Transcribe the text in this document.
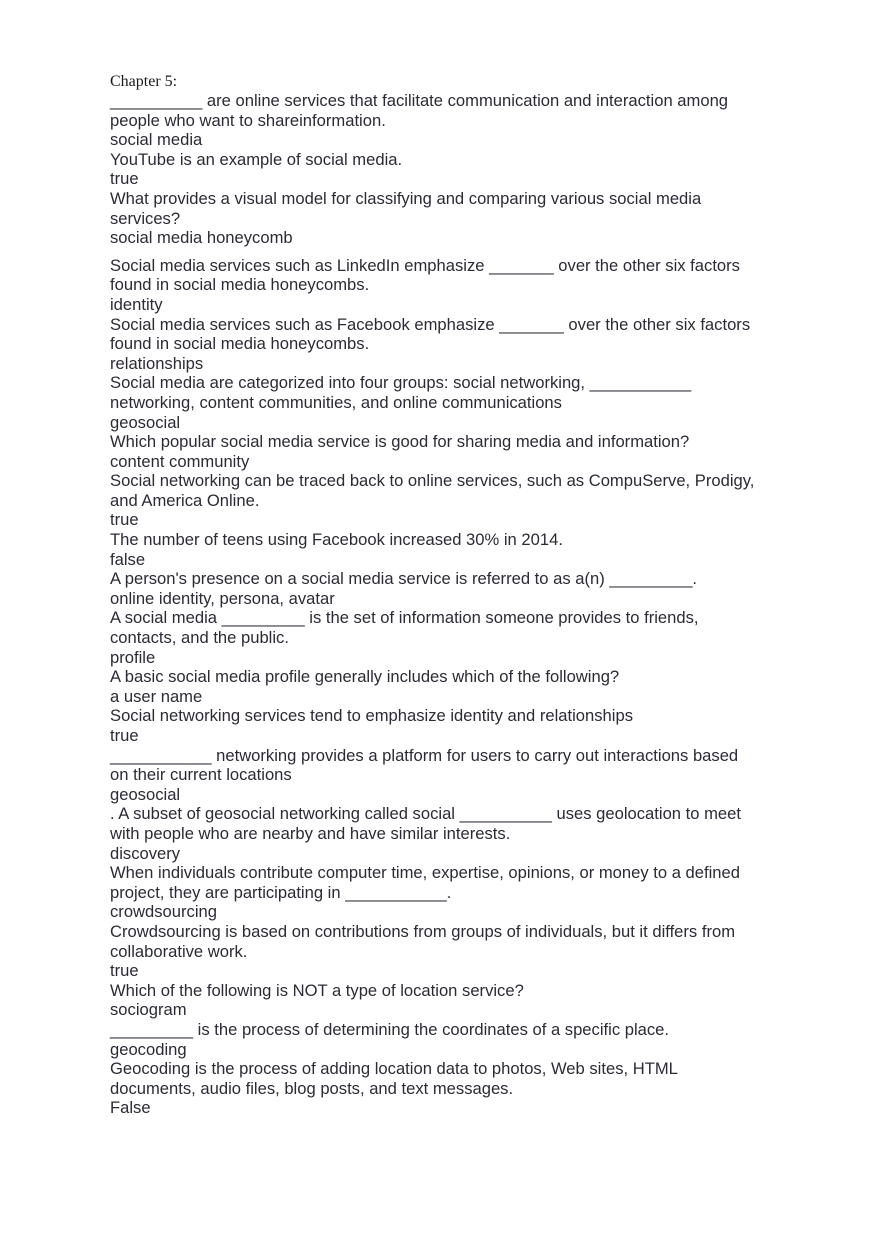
Chapter 5:

__________ are online services that facilitate communication and interaction among

people who want to shareinformation.

social media

YouTube is an example of social media.

true

What provides a visual model for classifying and comparing various social media

services?

social media honeycomb

Social media services such as LinkedIn emphasize _______ over the other six factors

found in social media honeycombs.

identity

Social media services such as Facebook emphasize _______ over the other six factors

found in social media honeycombs.

relationships

Social media are categorized into four groups: social networking, ___________

networking, content communities, and online communications

geosocial

Which popular social media service is good for sharing media and information?

content community

Social networking can be traced back to online services, such as CompuServe, Prodigy,

and America Online.

true

The number of teens using Facebook increased 30% in 2014.

false

A person's presence on a social media service is referred to as a(n) _________.

online identity, persona, avatar

A social media _________ is the set of information someone provides to friends,

contacts, and the public.

profile

A basic social media profile generally includes which of the following?

a user name

Social networking services tend to emphasize identity and relationships

true

___________ networking provides a platform for users to carry out interactions based

on their current locations

geosocial

. A subset of geosocial networking called social __________ uses geolocation to meet

with people who are nearby and have similar interests.

discovery

When individuals contribute computer time, expertise, opinions, or money to a defined

project, they are participating in ___________.

crowdsourcing

Crowdsourcing is based on contributions from groups of individuals, but it differs from

collaborative work.

true

Which of the following is NOT a type of location service?

sociogram

_________ is the process of determining the coordinates of a specific place.

geocoding

Geocoding is the process of adding location data to photos, Web sites, HTML

documents, audio files, blog posts, and text messages.

False
